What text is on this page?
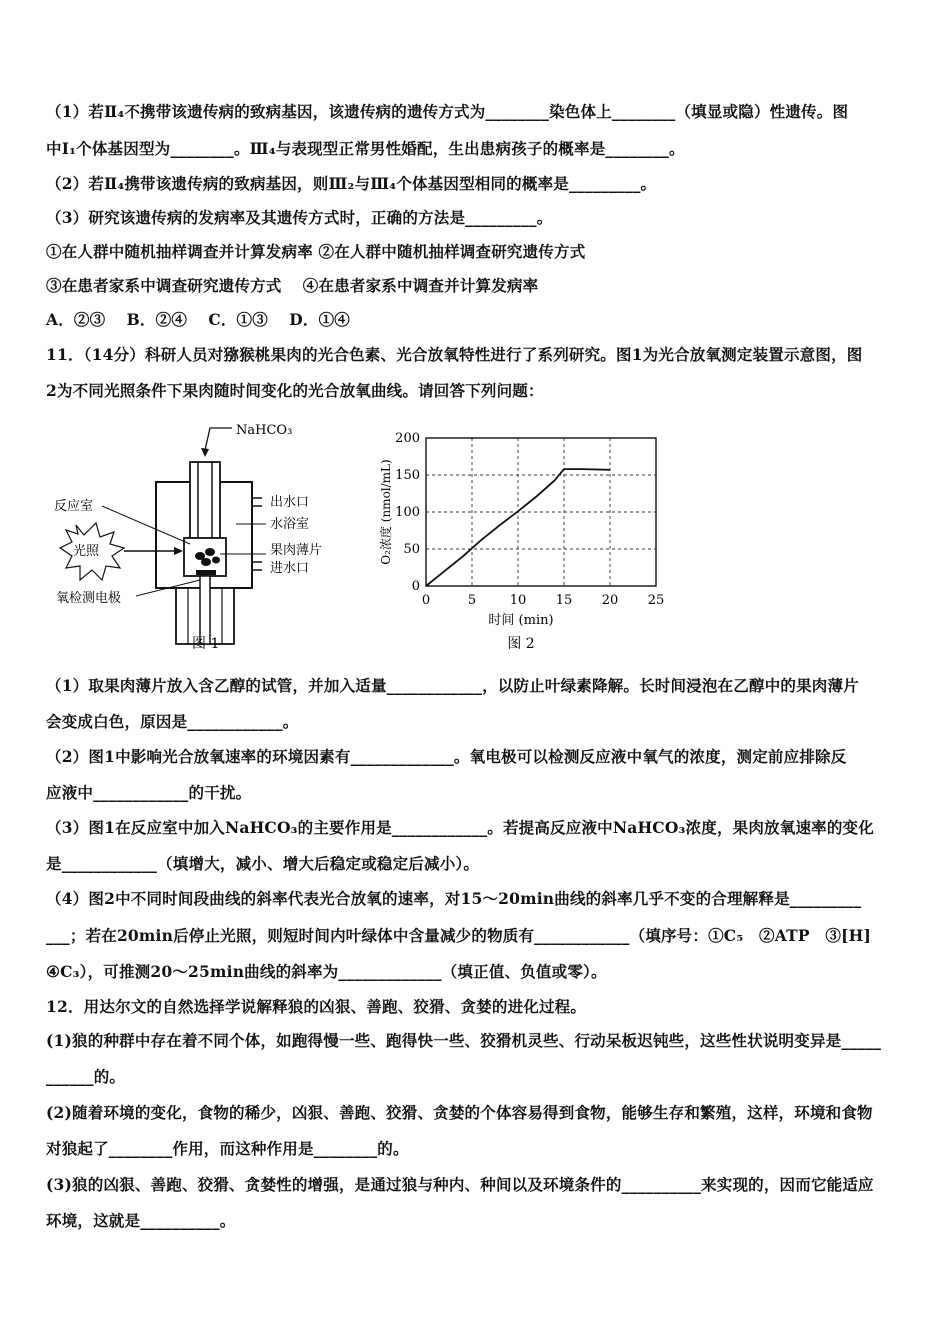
（1）若Ⅱ₄不携带该遗传病的致病基因，该遗传病的遗传方式为________染色体上________（填显或隐）性遗传。图
中Ⅰ₁个体基因型为________。Ⅲ₄与表现型正常男性婚配，生出患病孩子的概率是________。
（2）若Ⅱ₄携带该遗传病的致病基因，则Ⅲ₂与Ⅲ₄个体基因型相同的概率是_________。
（3）研究该遗传病的发病率及其遗传方式时，正确的方法是_________。
①在人群中随机抽样调查并计算发病率 ②在人群中随机抽样调查研究遗传方式
③在患者家系中调查研究遗传方式　 ④在患者家系中调查并计算发病率
A．②③　 B．②④　 C．①③　 D．①④
11．（14分）科研人员对猕猴桃果肉的光合色素、光合放氧特性进行了系列研究。图1为光合放氧测定装置示意图，图
2为不同光照条件下果肉随时间变化的光合放氧曲线。请回答下列问题：
NaHCO₃
出水口
水浴室
果肉薄片
进水口
反应室
光照
氧检测电极
图 1
0	5	10 15 20 25
0
50
100
150
200
时间 (min)
O₂浓度 (nmol/mL)
图 2
（1）取果肉薄片放入含乙醇的试管，并加入适量____________，以防止叶绿素降解。长时间浸泡在乙醇中的果肉薄片
会变成白色，原因是____________。
（2）图1中影响光合放氧速率的环境因素有_____________。氧电极可以检测反应液中氧气的浓度，测定前应排除反
应液中____________的干扰。
（3）图1在反应室中加入NaHCO₃的主要作用是____________。若提高反应液中NaHCO₃浓度，果肉放氧速率的变化
是____________（填增大，减小、增大后稳定或稳定后减小）。
（4）图2中不同时间段曲线的斜率代表光合放氧的速率，对15～20min曲线的斜率几乎不变的合理解释是_________
___；若在20min后停止光照，则短时间内叶绿体中含量减少的物质有____________（填序号：①C₅　②ATP　③[H]
④C₃），可推测20～25min曲线的斜率为_____________（填正值、负值或零）。
12．用达尔文的自然选择学说解释狼的凶狠、善跑、狡猾、贪婪的进化过程。
(1)狼的种群中存在着不同个体，如跑得慢一些、跑得快一些、狡猾机灵些、行动呆板迟钝些，这些性状说明变异是_____
______的。
(2)随着环境的变化，食物的稀少，凶狠、善跑、狡猾、贪婪的个体容易得到食物，能够生存和繁殖，这样，环境和食物
对狼起了________作用，而这种作用是________的。
(3)狼的凶狠、善跑、狡猾、贪婪性的增强，是通过狼与种内、种间以及环境条件的__________来实现的，因而它能适应
环境，这就是__________。
